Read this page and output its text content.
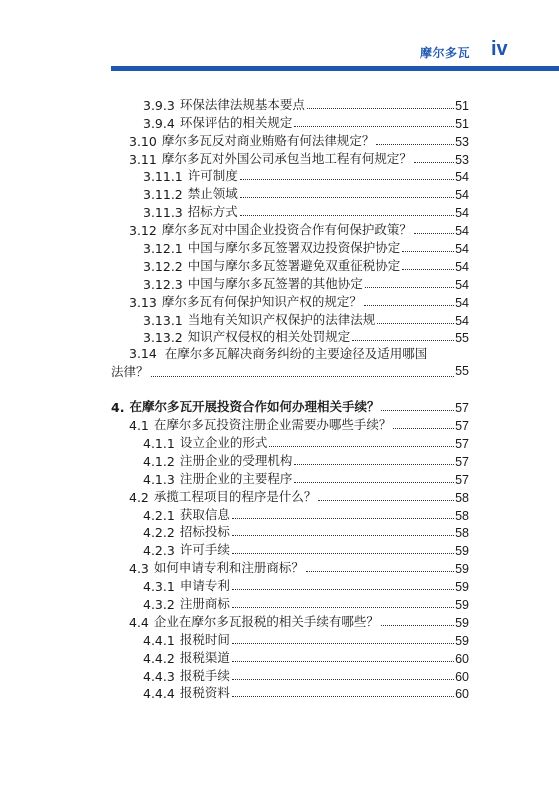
摩尔多瓦 iv
3.9.3 环保法律法规基本要点	51
3.9.4 环保评估的相关规定	51
3.10 摩尔多瓦反对商业贿赂有何法律规定？	53
3.11 摩尔多瓦对外国公司承包当地工程有何规定？	53
3.11.1 许可制度	54
3.11.2 禁止领域	54
3.11.3 招标方式	54
3.12 摩尔多瓦对中国企业投资合作有何保护政策？	54
3.12.1 中国与摩尔多瓦签署双边投资保护协定	54
3.12.2 中国与摩尔多瓦签署避免双重征税协定	54
3.12.3 中国与摩尔多瓦签署的其他协定	54
3.13 摩尔多瓦有何保护知识产权的规定？	54
3.13.1 当地有关知识产权保护的法律法规	54
3.13.2 知识产权侵权的相关处罚规定	55
3.14 在摩尔多瓦解决商务纠纷的主要途径及适用哪国
法律？	55
4. 在摩尔多瓦开展投资合作如何办理相关手续？	57
4.1 在摩尔多瓦投资注册企业需要办哪些手续？	57
4.1.1 设立企业的形式	57
4.1.2 注册企业的受理机构	57
4.1.3 注册企业的主要程序	57
4.2 承揽工程项目的程序是什么？	58
4.2.1 获取信息	58
4.2.2 招标投标	58
4.2.3 许可手续	59
4.3 如何申请专利和注册商标？	59
4.3.1 申请专利	59
4.3.2 注册商标	59
4.4 企业在摩尔多瓦报税的相关手续有哪些？	59
4.4.1 报税时间	59
4.4.2 报税渠道	60
4.4.3 报税手续	60
4.4.4 报税资料	60
